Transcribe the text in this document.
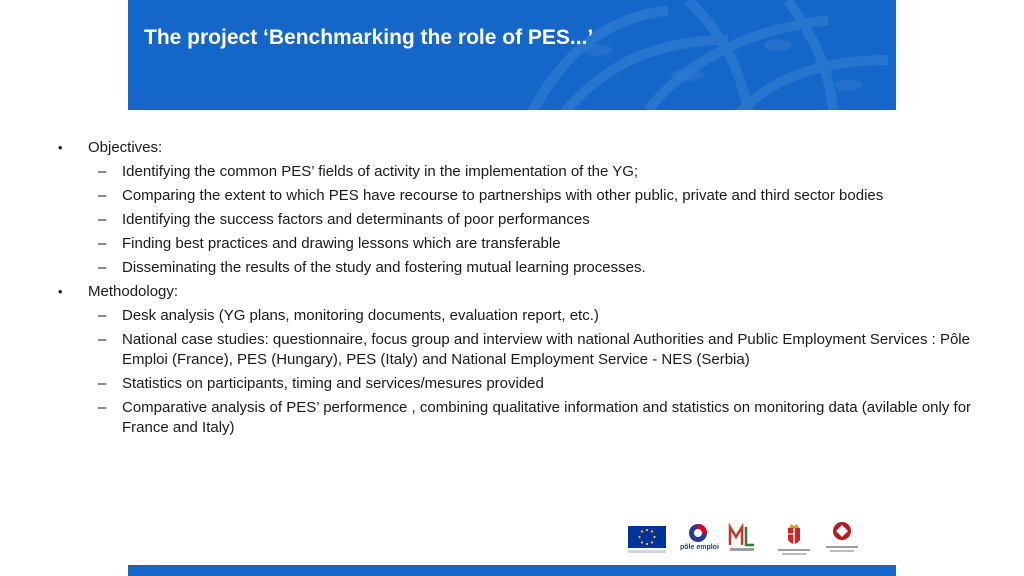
The project ‘Benchmarking the role of PES...’
• Objectives:
– Identifying the common PES’ fields of activity in the implementation of the YG;
– Comparing the extent to which PES have recourse to partnerships with other public, private and third sector bodies
– Identifying the success factors and determinants of poor performances
– Finding best practices and drawing lessons which are transferable
– Disseminating the results of the study and fostering mutual learning processes.
• Methodology:
– Desk analysis (YG plans, monitoring documents, evaluation report, etc.)
– National case studies: questionnaire, focus group and interview with national Authorities and Public Employment Services : Pôle Emploi (France), PES (Hungary), PES (Italy) and National Employment Service - NES (Serbia)
– Statistics on participants, timing and services/mesures provided
– Comparative analysis of PES’ performence , combining qualitative information and statistics on monitoring data (avilable only for France and Italy)
pôle emploi
